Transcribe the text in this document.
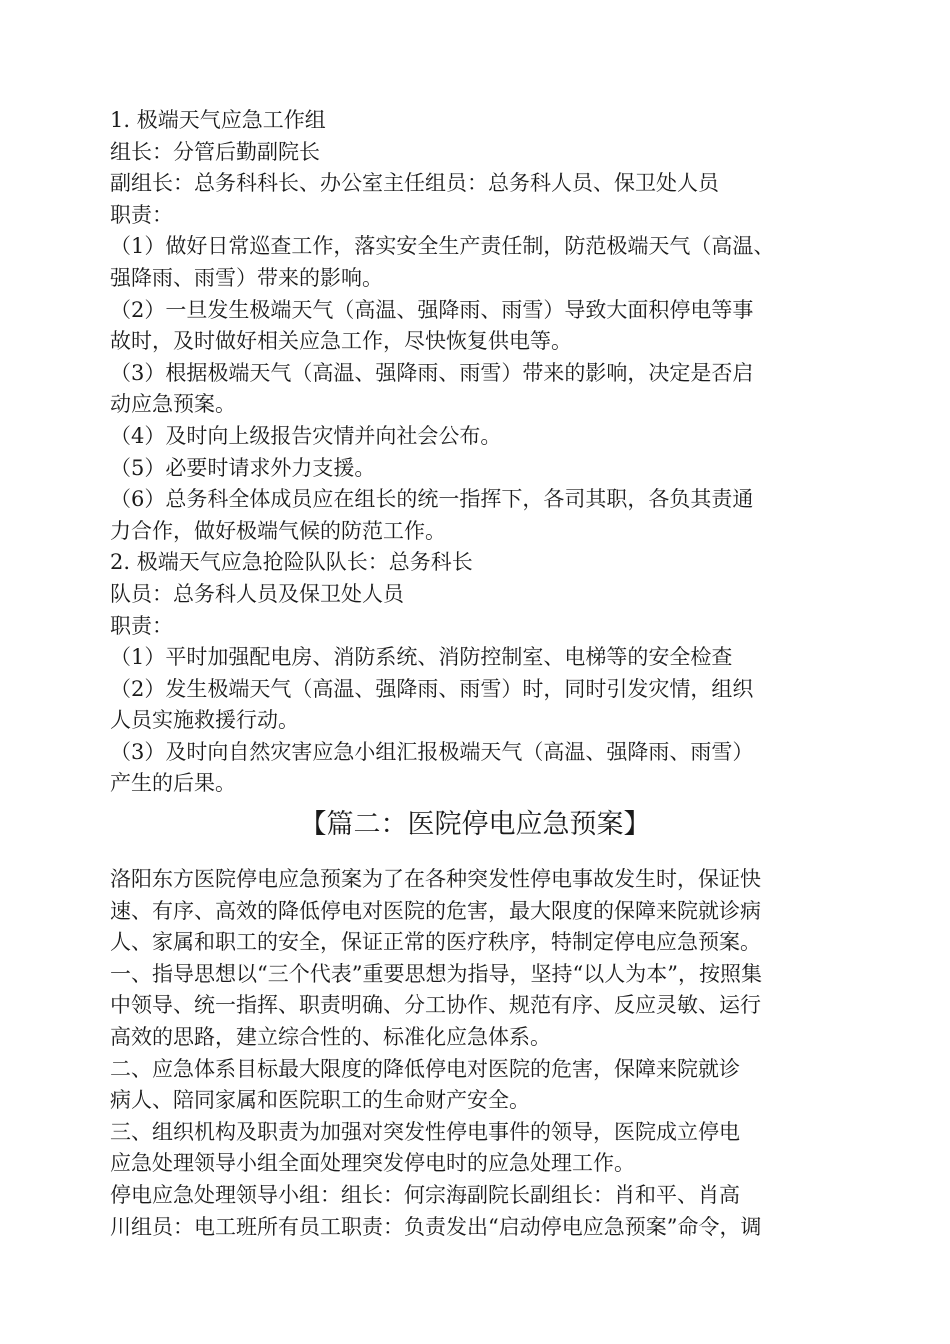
1. 极端天气应急工作组
组长：分管后勤副院长
副组长：总务科科长、办公室主任组员：总务科人员、保卫处人员
职责：
（1）做好日常巡查工作，落实安全生产责任制，防范极端天气（高温、
强降雨、雨雪）带来的影响。
（2）一旦发生极端天气（高温、强降雨、雨雪）导致大面积停电等事
故时，及时做好相关应急工作，尽快恢复供电等。
（3）根据极端天气（高温、强降雨、雨雪）带来的影响，决定是否启
动应急预案。
（4）及时向上级报告灾情并向社会公布。
（5）必要时请求外力支援。
（6）总务科全体成员应在组长的统一指挥下，各司其职，各负其责通
力合作，做好极端气候的防范工作。
2. 极端天气应急抢险队队长：总务科长
队员：总务科人员及保卫处人员
职责：
（1）平时加强配电房、消防系统、消防控制室、电梯等的安全检查
（2）发生极端天气（高温、强降雨、雨雪）时，同时引发灾情，组织
人员实施救援行动。
（3）及时向自然灾害应急小组汇报极端天气（高温、强降雨、雨雪）
产生的后果。
【篇二：医院停电应急预案】
洛阳东方医院停电应急预案为了在各种突发性停电事故发生时，保证快
速、有序、高效的降低停电对医院的危害，最大限度的保障来院就诊病
人、家属和职工的安全，保证正常的医疗秩序，特制定停电应急预案。
一、指导思想以“三个代表”重要思想为指导，坚持“以人为本”，按照集
中领导、统一指挥、职责明确、分工协作、规范有序、反应灵敏、运行
高效的思路，建立综合性的、标准化应急体系。
二、应急体系目标最大限度的降低停电对医院的危害，保障来院就诊
病人、陪同家属和医院职工的生命财产安全。
三、组织机构及职责为加强对突发性停电事件的领导，医院成立停电
应急处理领导小组全面处理突发停电时的应急处理工作。
停电应急处理领导小组：组长：何宗海副院长副组长：肖和平、肖高
川组员：电工班所有员工职责：负责发出“启动停电应急预案”命令，调
